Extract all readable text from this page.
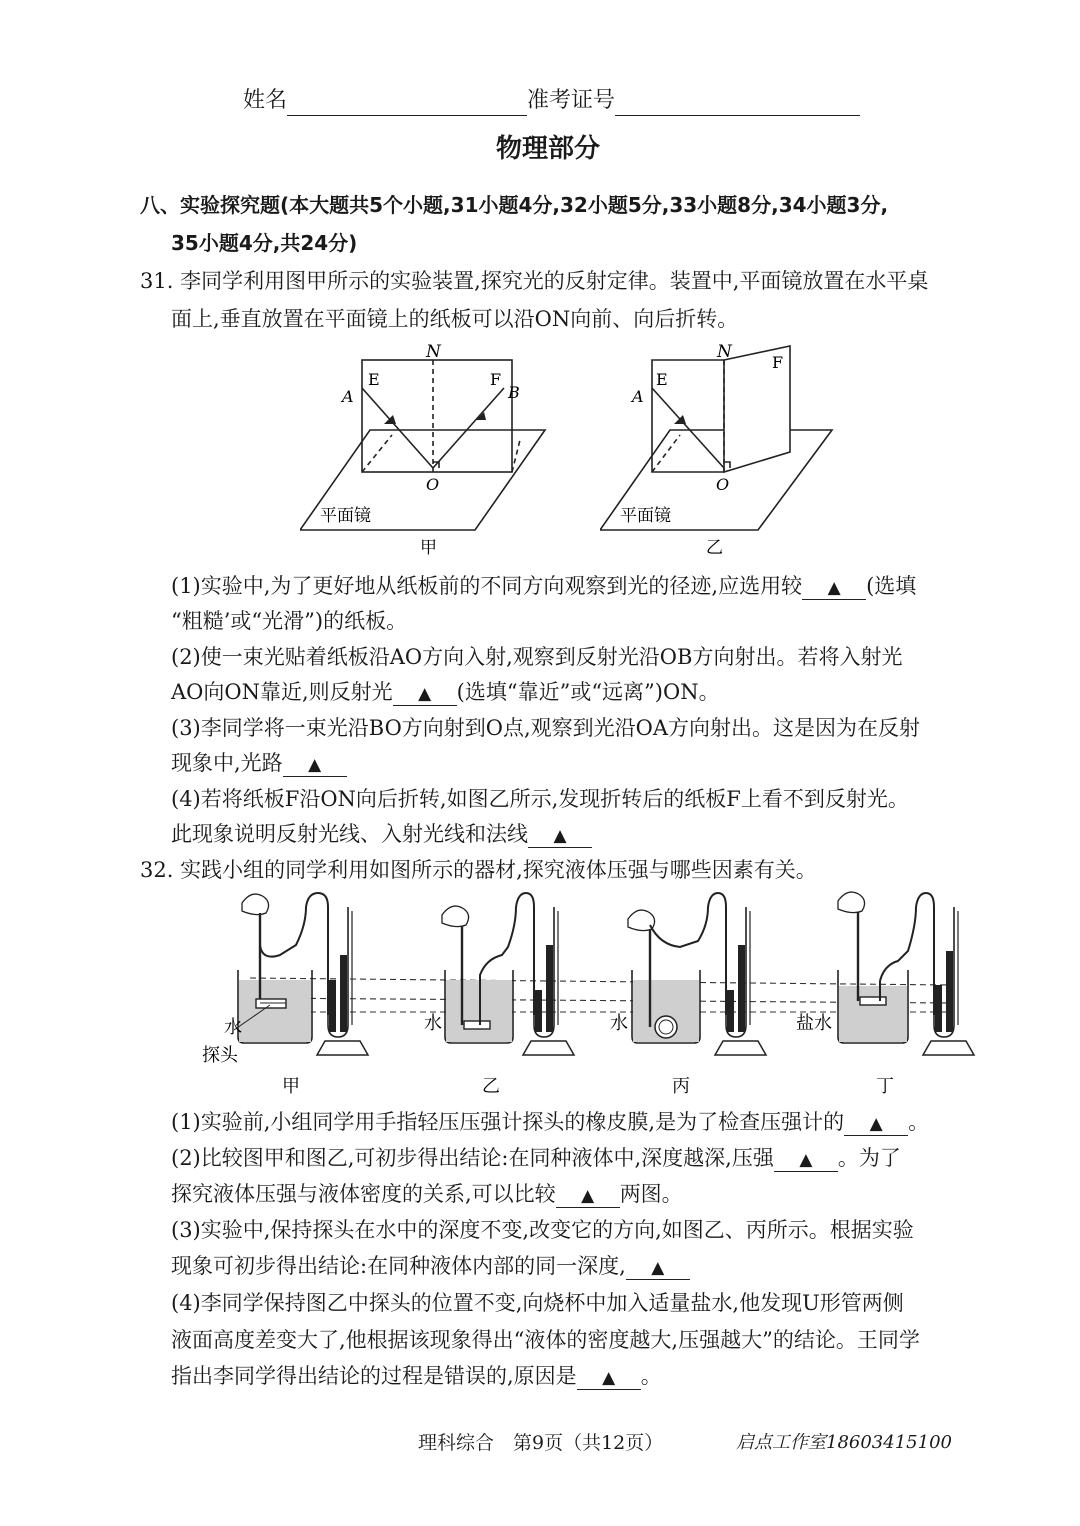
姓名	准考证号
物理部分
八、实验探究题(本大题共5个小题,31小题4分,32小题5分,33小题8分,34小题3分,
35小题4分,共24分)
31. 李同学利用图甲所示的实验装置,探究光的反射定律。装置中,平面镜放置在水平桌
面上,垂直放置在平面镜上的纸板可以沿ON向前、向后折转。
N
E	F
A	B
O
平面镜
甲
N
E
F
A
O
平面镜
乙
(1)实验中,为了更好地从纸板前的不同方向观察到光的径迹,应选用较 ▲ (选填
“粗糙’或“光滑”)的纸板。
(2)使一束光贴着纸板沿AO方向入射,观察到反射光沿OB方向射出。若将入射光
AO向ON靠近,则反射光 ▲ (选填“靠近”或“远离”)ON。
(3)李同学将一束光沿BO方向射到O点,观察到光沿OA方向射出。这是因为在反射
现象中,光路 ▲
(4)若将纸板F沿ON向后折转,如图乙所示,发现折转后的纸板F上看不到反射光。
此现象说明反射光线、入射光线和法线 ▲
32. 实践小组的同学利用如图所示的器材,探究液体压强与哪些因素有关。
水
探头
甲
水
乙
水
丙
盐水
丁
(1)实验前,小组同学用手指轻压压强计探头的橡皮膜,是为了检查压强计的 ▲ 。
(2)比较图甲和图乙,可初步得出结论:在同种液体中,深度越深,压强 ▲ 。为了
探究液体压强与液体密度的关系,可以比较 ▲ 两图。
(3)实验中,保持探头在水中的深度不变,改变它的方向,如图乙、丙所示。根据实验
现象可初步得出结论:在同种液体内部的同一深度, ▲
(4)李同学保持图乙中探头的位置不变,向烧杯中加入适量盐水,他发现U形管两侧
液面高度差变大了,他根据该现象得出“液体的密度越大,压强越大”的结论。王同学
指出李同学得出结论的过程是错误的,原因是 ▲ 。
理科综合　第9页（共12页）	启点工作室18603415100
